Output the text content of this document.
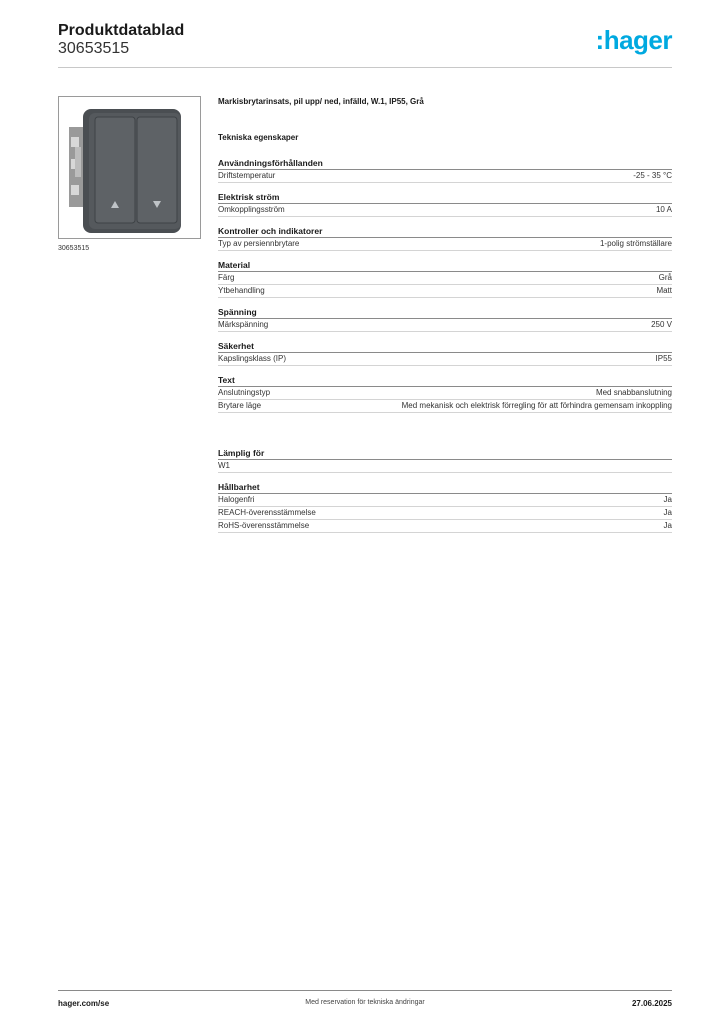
Produktdatablad
30653515	:hager
30653515
Markisbrytarinsats, pil upp/ ned, infälld, W.1, IP55, Grå
Tekniska egenskaper
Användningsförhållanden
Driftstemperatur	-25 - 35 °C
Elektrisk ström
Omkopplingsström	10 A
Kontroller och indikatorer
Typ av persiennbrytare	1-polig strömställare
Material
Färg	Grå
Ytbehandling	Matt
Spänning
Märkspänning	250 V
Säkerhet
Kapslingsklass (IP)	IP55
Text
Anslutningstyp	Med snabbanslutning
Brytare läge	Med mekanisk och elektrisk förregling för att förhindra gemensam inkoppling
Lämplig för
W1
Hållbarhet
Halogenfri	Ja
REACH-överensstämmelse	Ja
RoHS-överensstämmelse	Ja
hager.com/se	Med reservation för tekniska ändringar	27.06.2025
